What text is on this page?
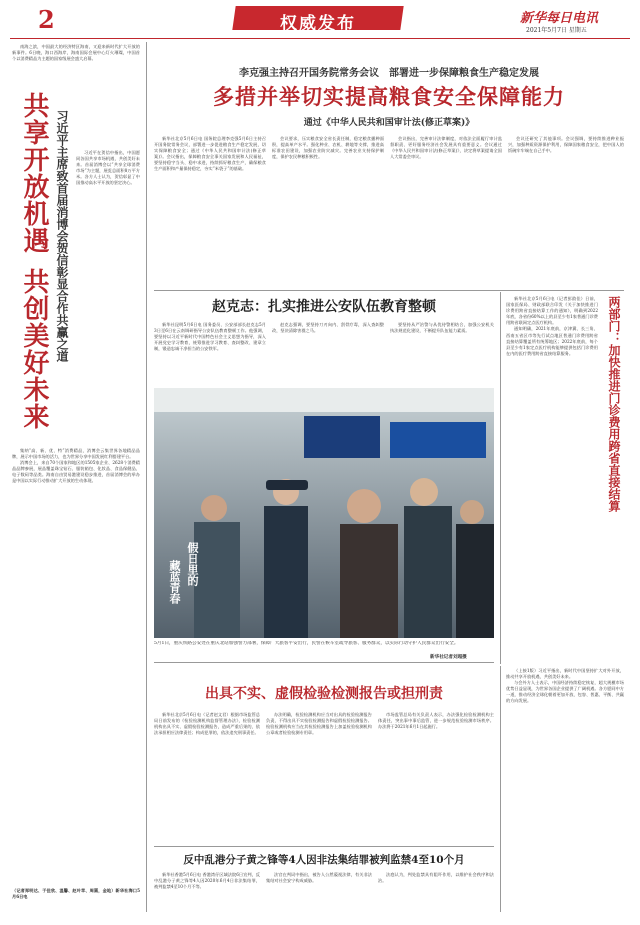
2	权威发布	新华每日电讯
2021年5月7日 星期五

南海之滨，中国最大的经济特区海南，又迎来新时代扩大开放的新事件。6日晚，海口西海岸，海南国际会展中心灯火璀璨，中国首个以消费精品为主题的国家级展会盛大启幕。

共享开放机遇
共创美好未来 习近平主席致首届消博会贺信彰显合作共赢之道	习近平在贺信中指出，中国愿同各国共享市场机遇，共创美好未来。首届消博会以“共享全球消费市场”为主题，展览总面积8万平方米。各方人士认为，贺信彰显了中国推动高水平开放的坚定决心。

集纳“高、新、优、特”消费精品，消博会云集世界各地精品品牌，展示中国市场的活力，也为世界分享中国发展红利搭建平台。

消博会上，来自70个国家和地区的1505家企业、2628个消费精品品牌参展，展品覆盖珠宝钻石、服装箱包、化妆品、食品保健品、电子数码等品类。海南自由贸易港建设稳步推进，首届消博会的举办是中国以实际行动推动扩大开放的生动体现。

（记者郑明达、于佳欣、温馨、赵叶苹、周圆，金地）新华社海口5月6日电
李克强主持召开国务院常务会议　部署进一步保障粮食生产稳定发展
多措并举切实提高粮食安全保障能力
通过《中华人民共和国审计法(修正草案)》

新华社北京5月6日电 国务院总理李克强5月6日主持召开国务院常务会议，部署进一步促进粮食生产稳定发展，切实保障粮食安全；通过《中华人民共和国审计法(修正草案)》。会议指出，保障粮食安全事关国家发展和人民福祉，要坚持稳字当头、稳中求进，持续抓好粮食生产，确保粮食生产面积和产量保持稳定，夯实“米袋子”的基础。

会议要求，压实粮食安全省长责任制，稳定粮食播种面积，提高单产水平。强化种业、农机、耕地等支撑，推进高标准农田建设，加强农业防灾减灾。完善农业支持保护制度，保护农民种粮积极性。

会议指出，完善审计法律制度，对依法全面履行审计监督职责、更好服务经济社会发展具有重要意义。会议通过《中华人民共和国审计法(修正草案)》，决定将草案提请全国人大常委会审议。

会议还研究了其他事项。会议强调，要持续推进种业振兴，加强种质资源保护利用，保障国家粮食安全，把中国人的饭碗牢牢端在自己手中。

赵克志：扎实推进公安队伍教育整顿

新华社昆明5月6日电 国务委员、公安部部长赵克志5月3日至6日在云南调研指导公安队伍教育整顿工作。他强调，要坚持以习近平新时代中国特色社会主义思想为指导，深入开展党史学习教育，统筹推进学习教育、查纠整改、建章立制，锻造忠诚干净担当的公安铁军。

赵克志强调，要坚持刀刃向内、刮骨疗毒，深入查纠整改，坚决清除害群之马。

要坚持从严治警与从优待警相结合，加强公安机关执法规范化建设，不断提升队伍能力素质。

假日里的
藏蓝青春
5月1日，重庆铁路公安处在重庆北站加强警力部署，保障广大旅客平安出行，民警在候车室疏导旅客、服务群众，以实际行动守护人民群众出行安全。
新华社记者刘超摄

新华社北京5月6日电（记者彭韵佳）日前，国家医保局、财政部联合印发《关于加快推进门诊费用跨省直接结算工作的通知》，明确到2022年底，各省份60%以上的县至少有1家普通门诊费用跨省联网定点医疗机构。

通知明确，2021年底前，京津冀、长三角、西南五省区市等先行试点地区普通门诊费用跨省直接结算覆盖所有统筹地区；2022年底前，每个县至少有1家定点医疗机构能够提供包括门诊费用在内的医疗费用跨省直接结算服务。	两部门：加快推进门诊费用跨省直接结算

（上接1版）习近平指出，新时代中国坚持扩大对外开放，推动共享开放机遇，共创美好未来。

与会外方人士表示，中国经济持续稳定恢复，超大规模市场优势日益显现，为世界各国企业提供了广阔机遇。各方愿同中方一道，推动经济全球化朝着更加开放、包容、普惠、平衡、共赢的方向发展。

出具不实、虚假检验检测报告或担刑责

新华社北京5月6日电（记者赵文君）根据市场监管总局日前发布的《检验检测机构监督管理办法》，检验检测机构出具不实、虚假检验检测报告，造成严重后果的，依法承担相应法律责任；构成犯罪的，依法追究刑事责任。

办法明确，检验检测机构应当对出具的检验检测报告负责，不得出具不实检验检测报告和虚假检验检测报告。检验检测机构应当在其检验检测报告上加盖检验检测机构公章或者检验检测专用章。

市场监管总局有关负责人表示，办法强化检验检测机构主体责任，突出事中事后监管，进一步规范检验检测市场秩序。办法将于2021年6月1日起施行。

反中乱港分子黄之锋等4人因非法集结罪被判监禁4至10个月

新华社香港5月6日电 香港湾仔区域法院6日宣判，反中乱港分子黄之锋等4人因2020年6月4日非法集结罪，被判监禁4至10个月不等。

法官在判词中指出，被告人公然藐视法律，有关非法集结对社会安宁构成威胁。

法庭认为，判处监禁具有阻吓作用，以维护社会秩序和法治。
